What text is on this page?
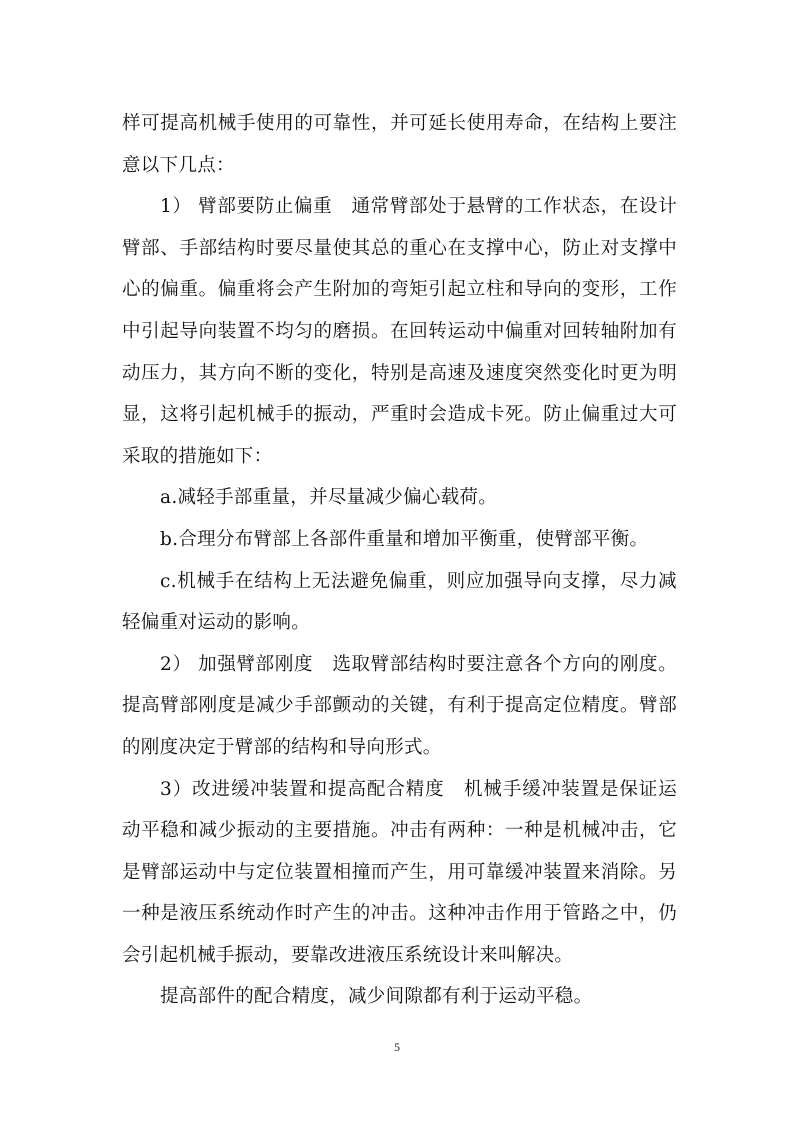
样可提高机械手使用的可靠性，并可延长使用寿命，在结构上要注意以下几点：

1） 臂部要防止偏重　通常臂部处于悬臂的工作状态，在设计臂部、手部结构时要尽量使其总的重心在支撑中心，防止对支撑中心的偏重。偏重将会产生附加的弯矩引起立柱和导向的变形，工作中引起导向装置不均匀的磨损。在回转运动中偏重对回转轴附加有动压力，其方向不断的变化，特别是高速及速度突然变化时更为明显，这将引起机械手的振动，严重时会造成卡死。防止偏重过大可采取的措施如下：

a.减轻手部重量，并尽量减少偏心载荷。

b.合理分布臂部上各部件重量和增加平衡重，使臂部平衡。

c.机械手在结构上无法避免偏重，则应加强导向支撑，尽力减轻偏重对运动的影响。

2） 加强臂部刚度　选取臂部结构时要注意各个方向的刚度。提高臂部刚度是减少手部颤动的关键，有利于提高定位精度。臂部的刚度决定于臂部的结构和导向形式。

3）改进缓冲装置和提高配合精度　机械手缓冲装置是保证运动平稳和减少振动的主要措施。冲击有两种：一种是机械冲击，它是臂部运动中与定位装置相撞而产生，用可靠缓冲装置来消除。另一种是液压系统动作时产生的冲击。这种冲击作用于管路之中，仍会引起机械手振动，要靠改进液压系统设计来叫解决。

提高部件的配合精度，减少间隙都有利于运动平稳。

5
